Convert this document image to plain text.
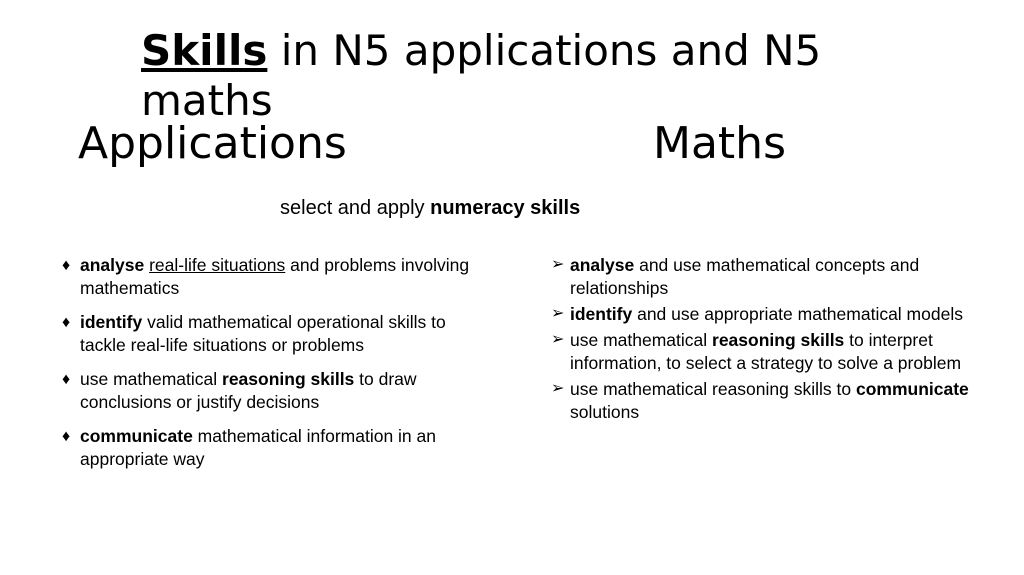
Skills in N5 applications and N5 maths
Applications	Maths
select and apply numeracy skills
♦ analyse real-life situations and problems involving mathematics
♦ identify valid mathematical operational skills to tackle real-life situations or problems
♦ use mathematical reasoning skills to draw conclusions or justify decisions
♦ communicate mathematical information in an appropriate way
➢ analyse and use mathematical concepts and relationships
➢ identify and use appropriate mathematical models
➢ use mathematical reasoning skills to interpret information, to select a strategy to solve a problem
➢ use mathematical reasoning skills to communicate solutions
